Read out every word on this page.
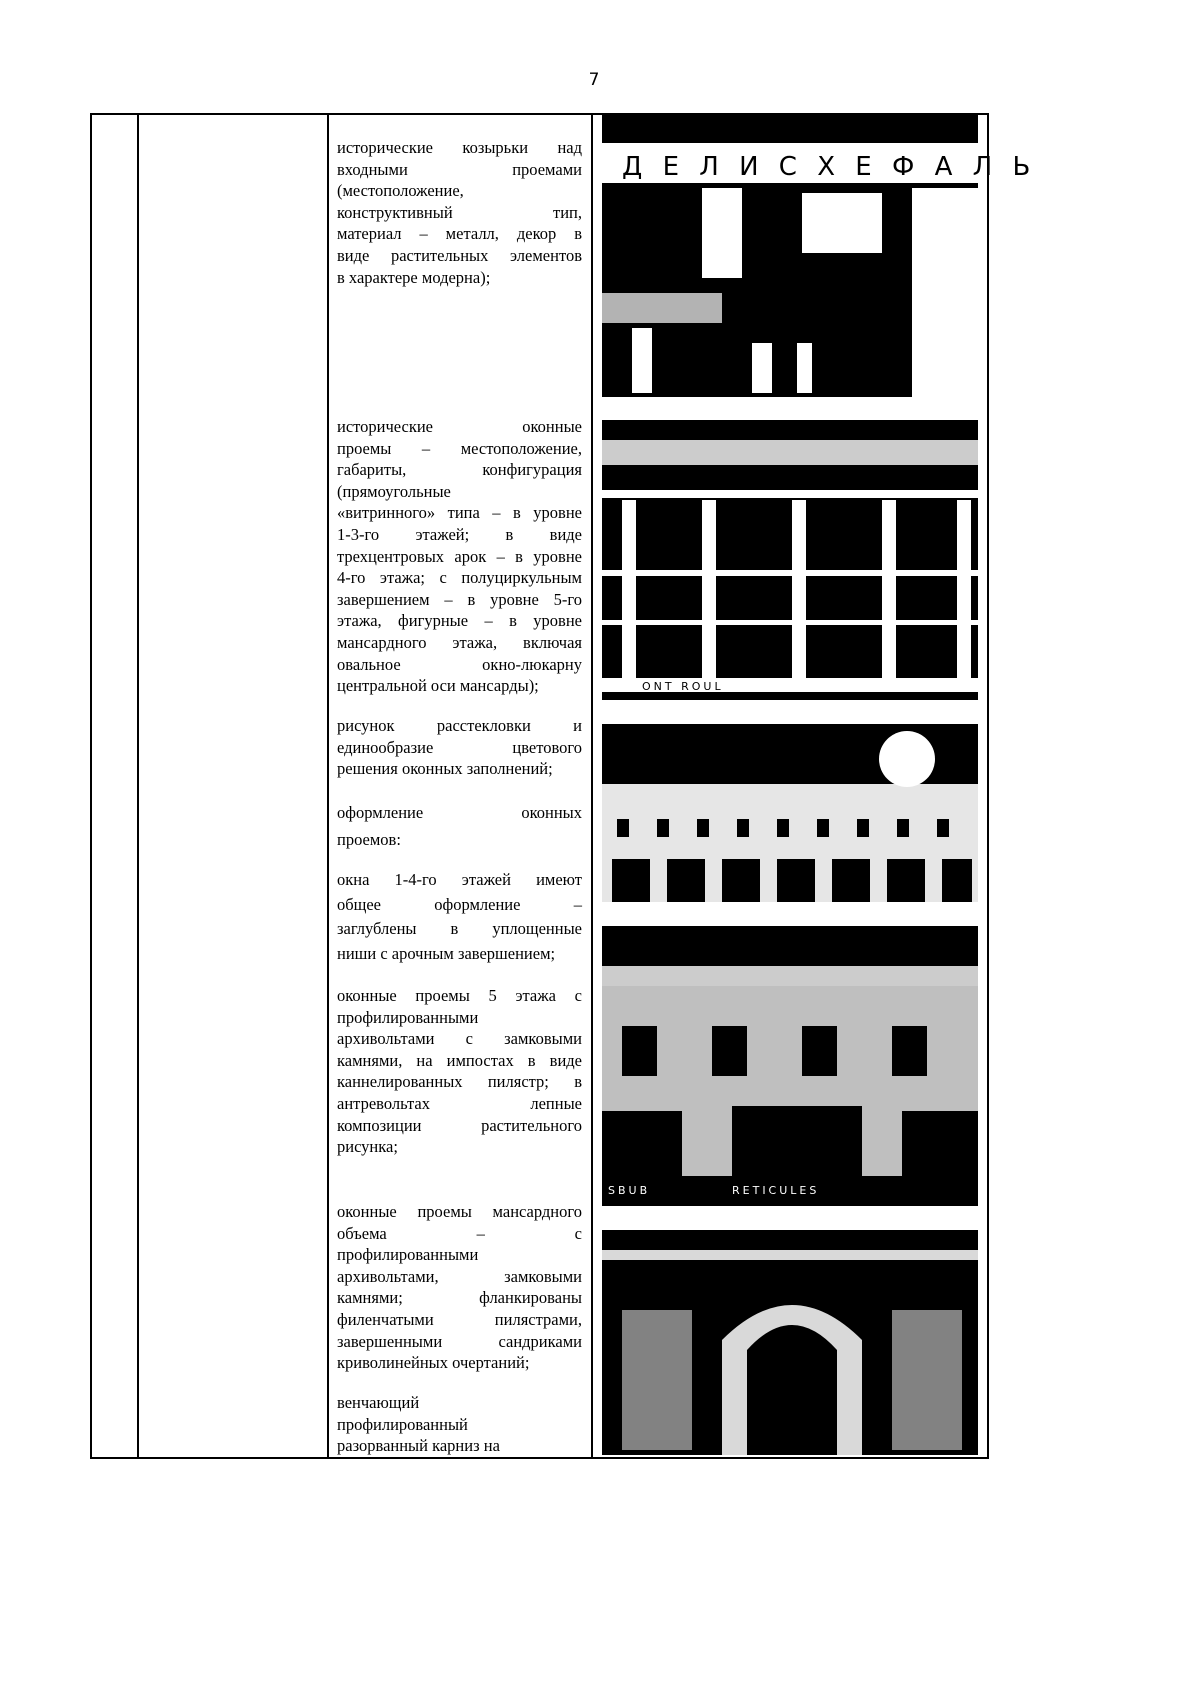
7
исторические козырьки над
входными проемами
(местоположение,
конструктивный тип,
материал – металл, декор в
виде растительных элементов
в характере модерна);
исторические оконные
проемы – местоположение,
габариты, конфигурация
(прямоугольные
«витринного» типа – в уровне
1-3-го этажей; в виде
трехцентровых арок – в уровне
4-го этажа; с полуциркульным
завершением – в уровне 5-го
этажа, фигурные – в уровне
мансардного этажа, включая
овальное окно-люкарну
центральной оси мансарды);
рисунок расстекловки и
единообразие цветового
решения оконных заполнений;
оформление оконных
проемов:
окна 1-4-го этажей имеют
общее оформление –
заглублены в уплощенные
ниши с арочным завершением;
оконные проемы 5 этажа с
профилированными
архивольтами с замковыми
камнями, на импостах в виде
каннелированных пилястр; в
антревольтах лепные
композиции растительного
рисунка;
оконные проемы мансардного
объема – с
профилированными
архивольтами, замковыми
камнями; фланкированы
филенчатыми пилястрами,
завершенными сандриками
криволинейных очертаний;
венчающий
профилированный
разорванный карниз на
Д Е Л И С Х Е Ф А Л Ь
ONT ROUL
SBUB	RETICULES
